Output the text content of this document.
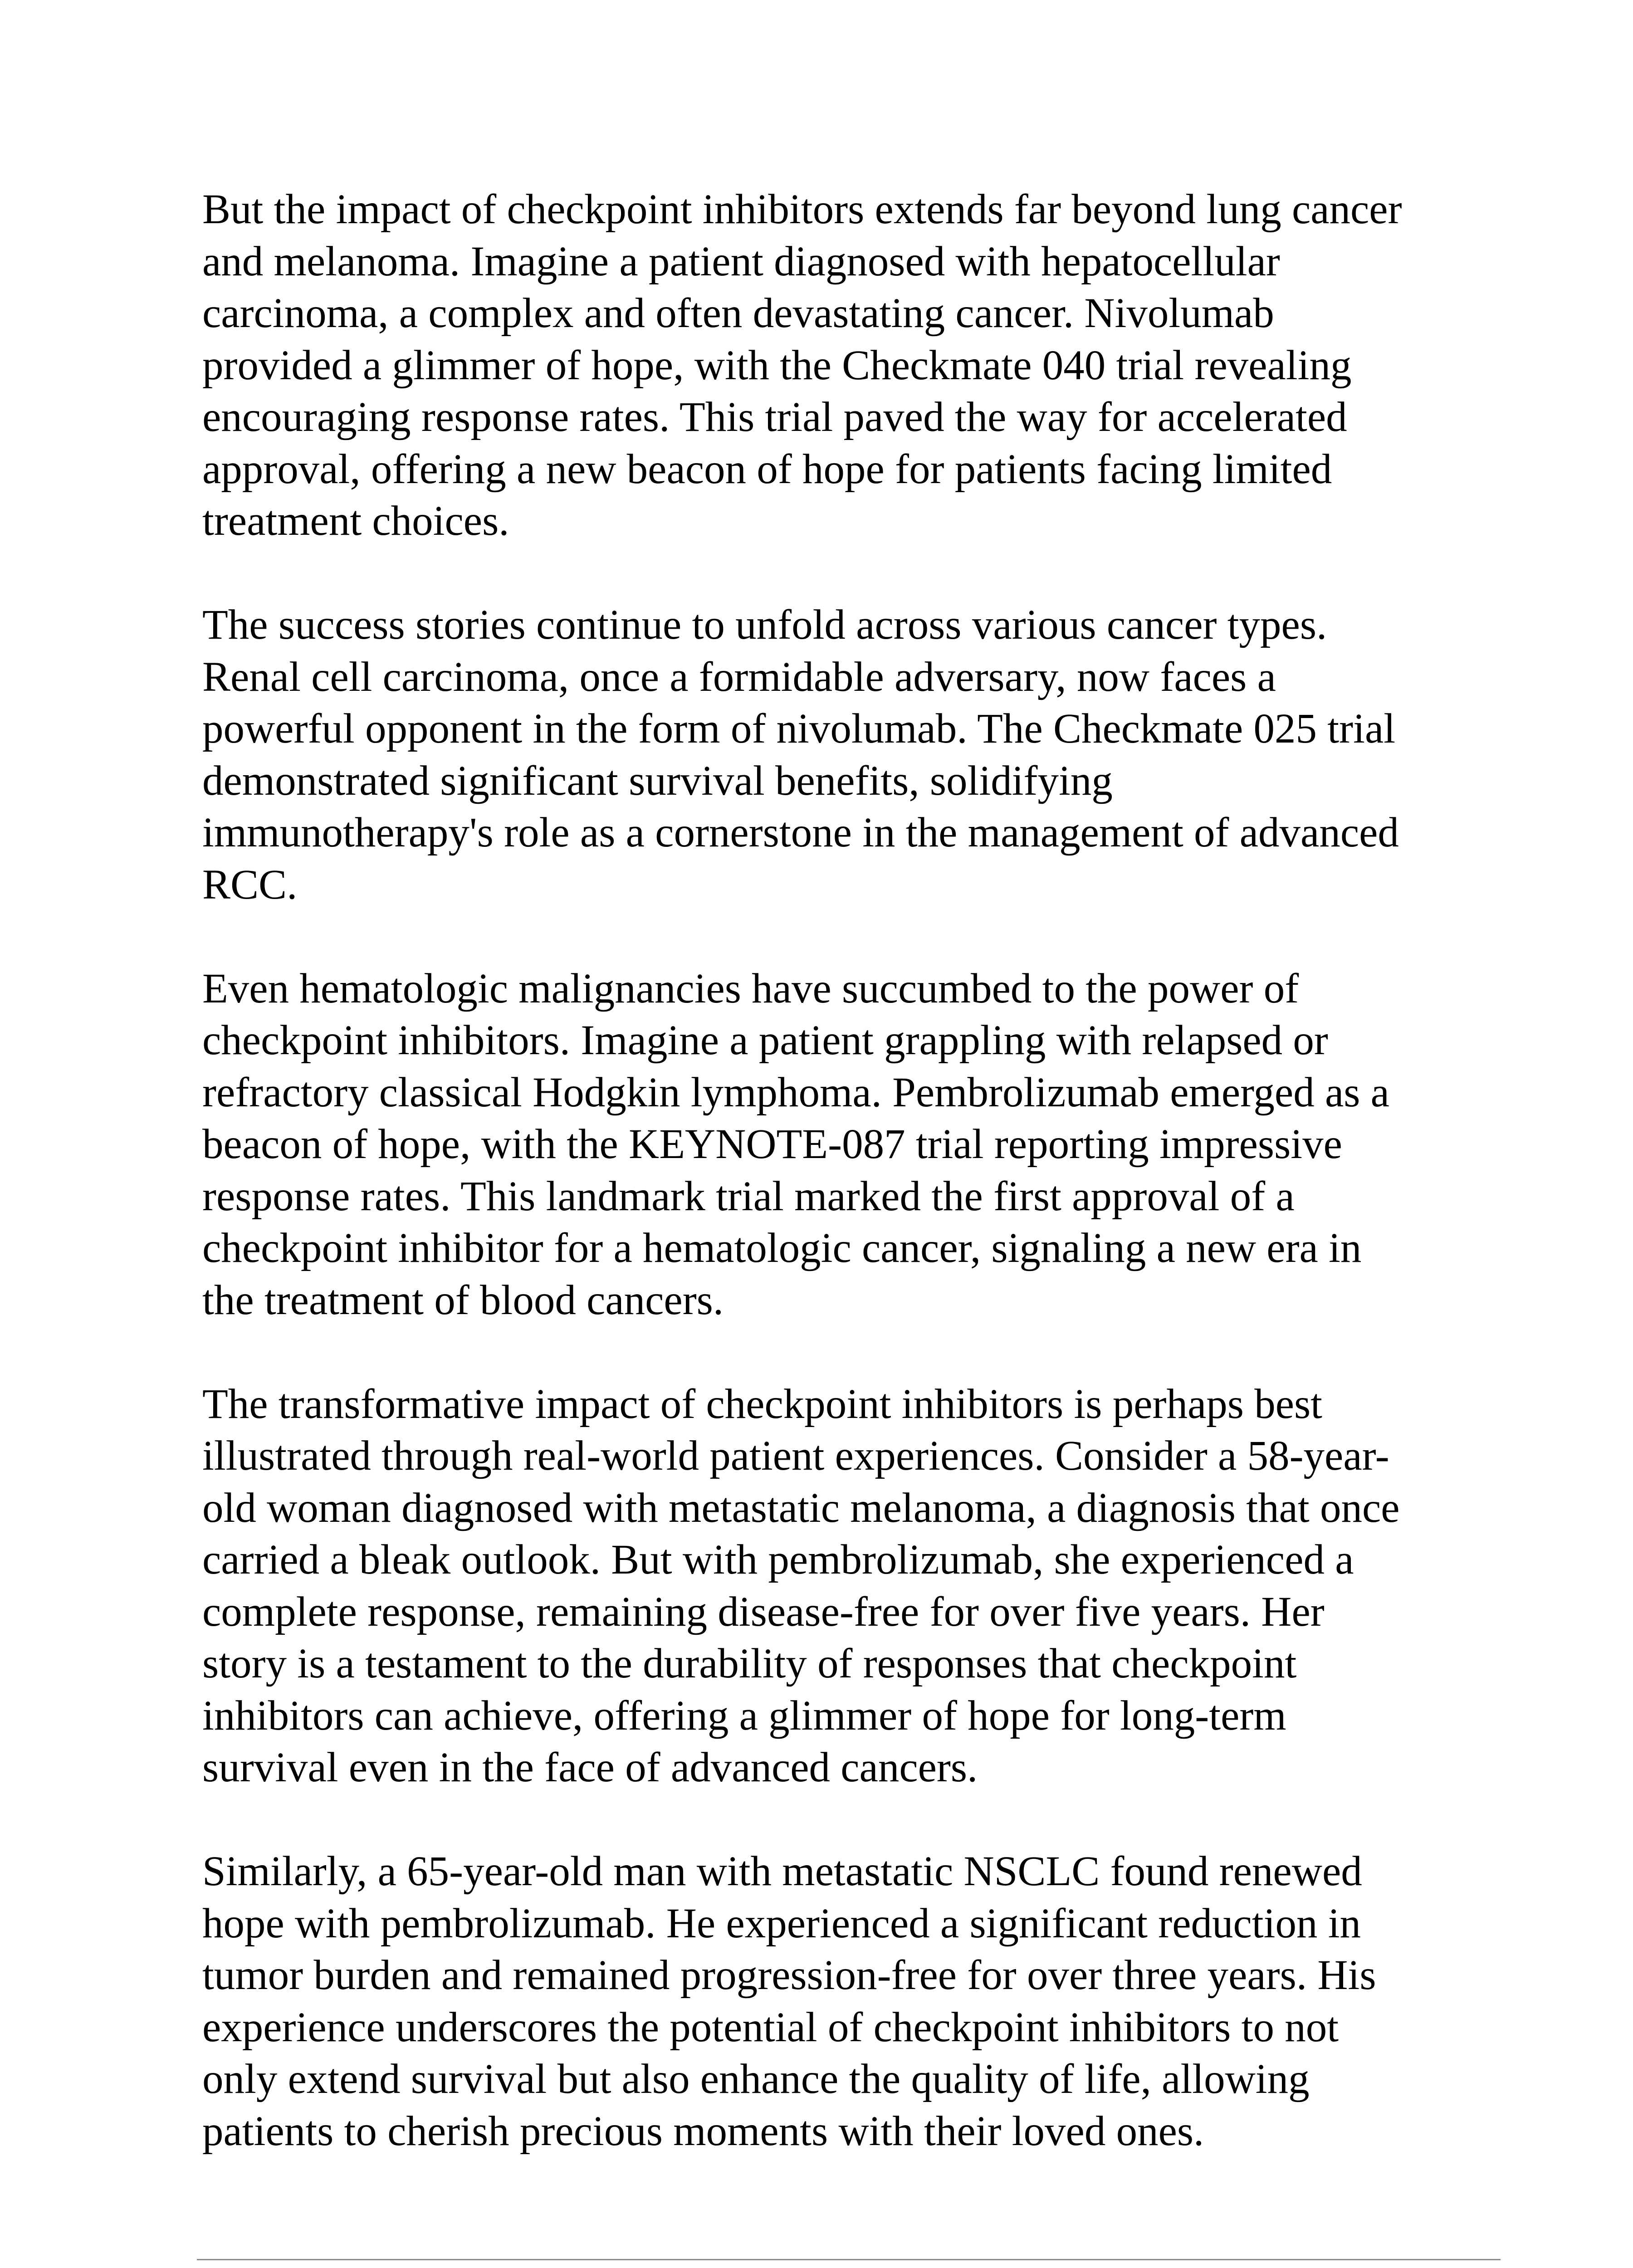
But the impact of checkpoint inhibitors extends far beyond lung cancer
and melanoma. Imagine a patient diagnosed with hepatocellular
carcinoma, a complex and often devastating cancer. Nivolumab
provided a glimmer of hope, with the Checkmate 040 trial revealing
encouraging response rates. This trial paved the way for accelerated
approval, offering a new beacon of hope for patients facing limited
treatment choices.

The success stories continue to unfold across various cancer types.
Renal cell carcinoma, once a formidable adversary, now faces a
powerful opponent in the form of nivolumab. The Checkmate 025 trial
demonstrated significant survival benefits, solidifying
immunotherapy's role as a cornerstone in the management of advanced
RCC.

Even hematologic malignancies have succumbed to the power of
checkpoint inhibitors. Imagine a patient grappling with relapsed or
refractory classical Hodgkin lymphoma. Pembrolizumab emerged as a
beacon of hope, with the KEYNOTE-087 trial reporting impressive
response rates. This landmark trial marked the first approval of a
checkpoint inhibitor for a hematologic cancer, signaling a new era in
the treatment of blood cancers.

The transformative impact of checkpoint inhibitors is perhaps best
illustrated through real-world patient experiences. Consider a 58-year-
old woman diagnosed with metastatic melanoma, a diagnosis that once
carried a bleak outlook. But with pembrolizumab, she experienced a
complete response, remaining disease-free for over five years. Her
story is a testament to the durability of responses that checkpoint
inhibitors can achieve, offering a glimmer of hope for long-term
survival even in the face of advanced cancers.

Similarly, a 65-year-old man with metastatic NSCLC found renewed
hope with pembrolizumab. He experienced a significant reduction in
tumor burden and remained progression-free for over three years. His
experience underscores the potential of checkpoint inhibitors to not
only extend survival but also enhance the quality of life, allowing
patients to cherish precious moments with their loved ones.
